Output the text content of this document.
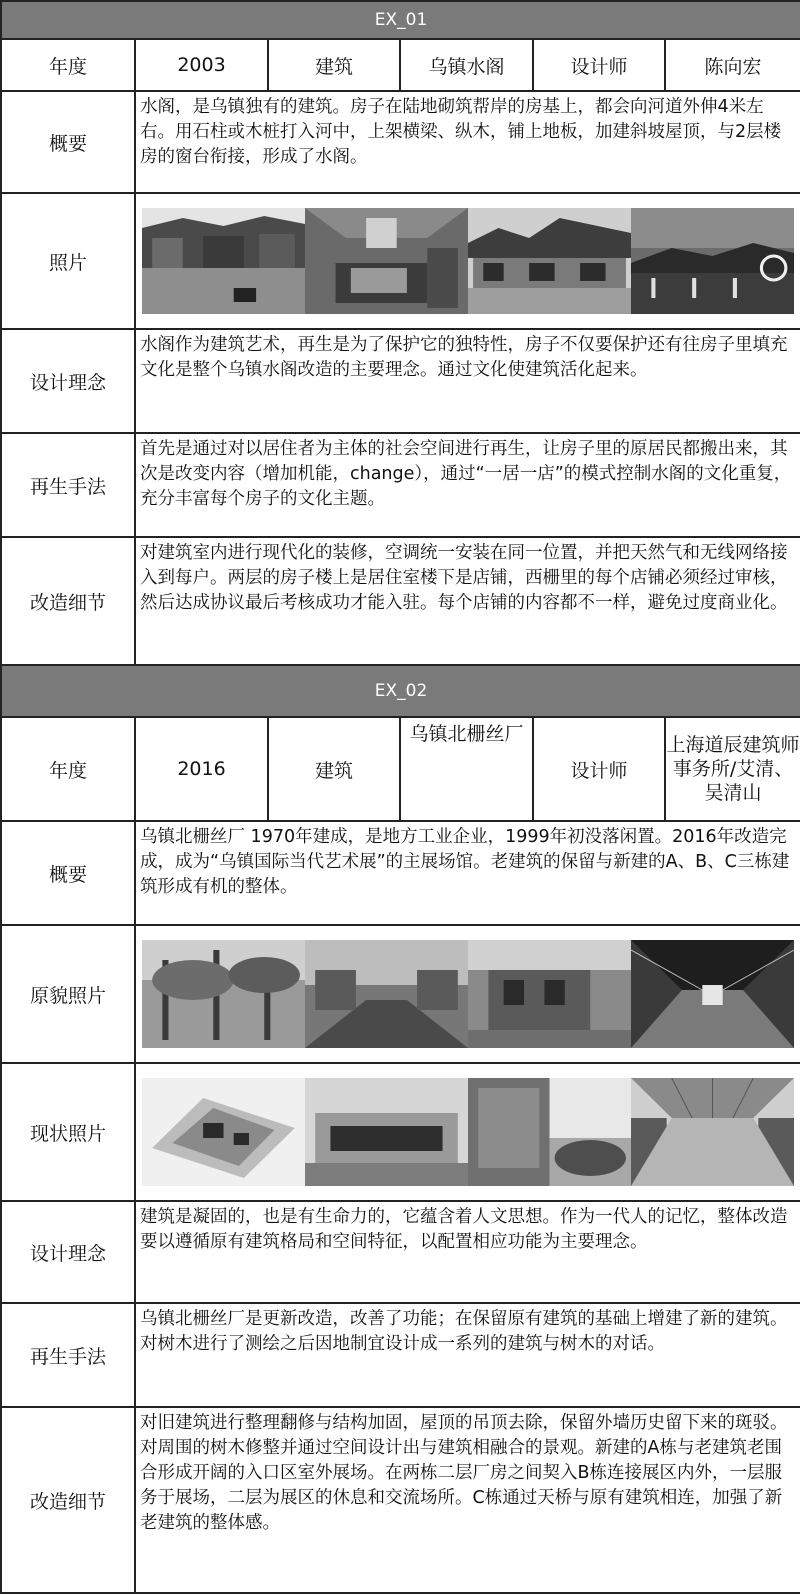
EX_01					
年度	2003	建筑	乌镇水阁	设计师	陈向宏
概要	水阁，是乌镇独有的建筑。房子在陆地砌筑帮岸的房基上，都会向河道外伸4米左右。用石柱或木桩打入河中，上架横梁、纵木，铺上地板，加建斜坡屋顶，与2层楼房的窗台衔接，形成了水阁。				
照片	

设计理念	水阁作为建筑艺术，再生是为了保护它的独特性，房子不仅要保护还有往房子里填充文化是整个乌镇水阁改造的主要理念。通过文化使建筑活化起来。				
再生手法	首先是通过对以居住者为主体的社会空间进行再生，让房子里的原居民都搬出来，其次是改变内容（增加机能，change），通过“一居一店”的模式控制水阁的文化重复，充分丰富每个房子的文化主题。				
改造细节	对建筑室内进行现代化的装修，空调统一安装在同一位置，并把天然气和无线网络接入到每户。两层的房子楼上是居住室楼下是店铺，西栅里的每个店铺必须经过审核，然后达成协议最后考核成功才能入驻。每个店铺的内容都不一样，避免过度商业化。				
EX_02					
年度	2016	建筑	乌镇北栅丝厂	设计师	上海道辰建筑师事务所/艾清、吴清山
概要	乌镇北栅丝厂 1970年建成，是地方工业企业，1999年初没落闲置。2016年改造完成，成为“乌镇国际当代艺术展”的主展场馆。老建筑的保留与新建的A、B、C三栋建筑形成有机的整体。				
原貌照片	

现状照片	

设计理念	建筑是凝固的，也是有生命力的，它蕴含着人文思想。作为一代人的记忆，整体改造要以遵循原有建筑格局和空间特征，以配置相应功能为主要理念。				
再生手法	乌镇北栅丝厂是更新改造，改善了功能；在保留原有建筑的基础上增建了新的建筑。对树木进行了测绘之后因地制宜设计成一系列的建筑与树木的对话。				
改造细节	对旧建筑进行整理翻修与结构加固，屋顶的吊顶去除，保留外墙历史留下来的斑驳。对周围的树木修整并通过空间设计出与建筑相融合的景观。新建的A栋与老建筑老围合形成开阔的入口区室外展场。在两栋二层厂房之间契入B栋连接展区内外，一层服务于展场，二层为展区的休息和交流场所。C栋通过天桥与原有建筑相连，加强了新老建筑的整体感。				
